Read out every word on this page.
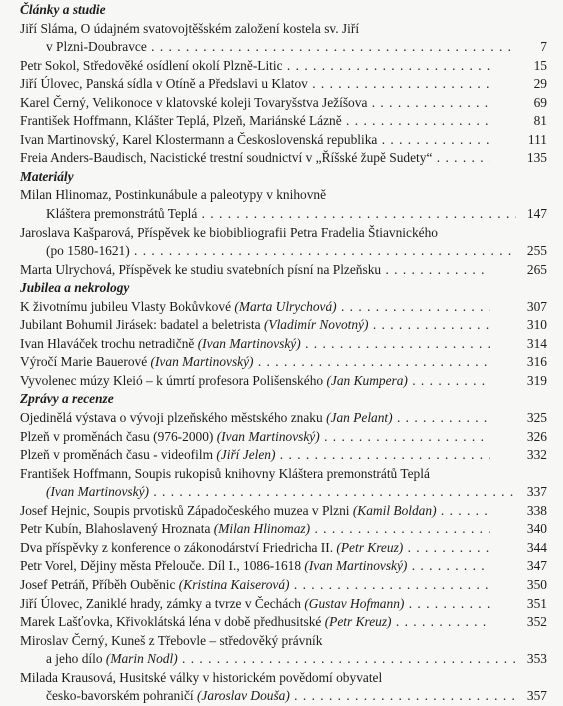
Články a studie
Jiří Sláma, O údajném svatovojtěšském založení kostela sv. Jiří
v Plzni-Doubravce . . .	7
Petr Sokol, Středověké osídlení okolí Plzně-Litic . . .	15
Jiří Úlovec, Panská sídla v Otíně a Předslavi u Klatov . . .	29
Karel Černý, Velikonoce v klatovské koleji Tovaryšstva Ježíšova . . .	69
František Hoffmann, Klášter Teplá, Plzeň, Mariánské Lázně . . .	81
Ivan Martinovský, Karel Klostermann a Československá republika . . .	111
Freia Anders-Baudisch, Nacistické trestní soudnictví v „Říšské župě Sudety“ . . .	135
Materiály
Milan Hlinomaz, Postinkunábule a paleotypy v knihovně
Kláštera premonstrátů Teplá . . .	147
Jaroslava Kašparová, Příspěvek ke biobibliografii Petra Fradelia Štiavnického
(po 1580-1621) . . .	255
Marta Ulrychová, Příspěvek ke studiu svatebních písní na Plzeňsku . . .	265
Jubilea a nekrology
K životnímu jubileu Vlasty Bokůvkové (Marta Ulrychová) . . .	307
Jubilant Bohumil Jirásek: badatel a beletrista (Vladimír Novotný) . . .	310
Ivan Hlaváček trochu netradičně (Ivan Martinovský) . . .	314
Výročí Marie Bauerové (Ivan Martinovský) . . .	316
Vyvolenec múzy Kleió – k úmrtí profesora Polišenského (Jan Kumpera) . . .	319
Zprávy a recenze
Ojedinělá výstava o vývoji plzeňského městského znaku (Jan Pelant) . . .	325
Plzeň v proměnách času (976-2000) (Ivan Martinovský) . . .	326
Plzeň v proměnách času - videofilm (Jiří Jelen) . . .	332
František Hoffmann, Soupis rukopisů knihovny Kláštera premonstrátů Teplá
(Ivan Martinovský) . . .	337
Josef Hejnic, Soupis prvotisků Západočeského muzea v Plzni (Kamil Boldan) . . .	338
Petr Kubín, Blahoslavený Hroznata (Milan Hlinomaz) . . .	340
Dva příspěvky z konference o zákonodárství Friedricha II. (Petr Kreuz) . . .	344
Petr Vorel, Dějiny města Přelouče. Díl I., 1086-1618 (Ivan Martinovský) . . .	347
Josef Petráň, Příběh Ouběnic (Kristina Kaiserová) . . .	350
Jiří Úlovec, Zaniklé hrady, zámky a tvrze v Čechách (Gustav Hofmann) . . .	351
Marek Lašťovka, Křivoklátská léna v době předhusitské (Petr Kreuz) . . .	352
Miroslav Černý, Kuneš z Třebovle – středověký právník
a jeho dílo (Marin Nodl) . . .	353
Milada Krausová, Husitské války v historickém povědomí obyvatel
česko-bavorském pohraničí (Jaroslav Douša) . . .	357
